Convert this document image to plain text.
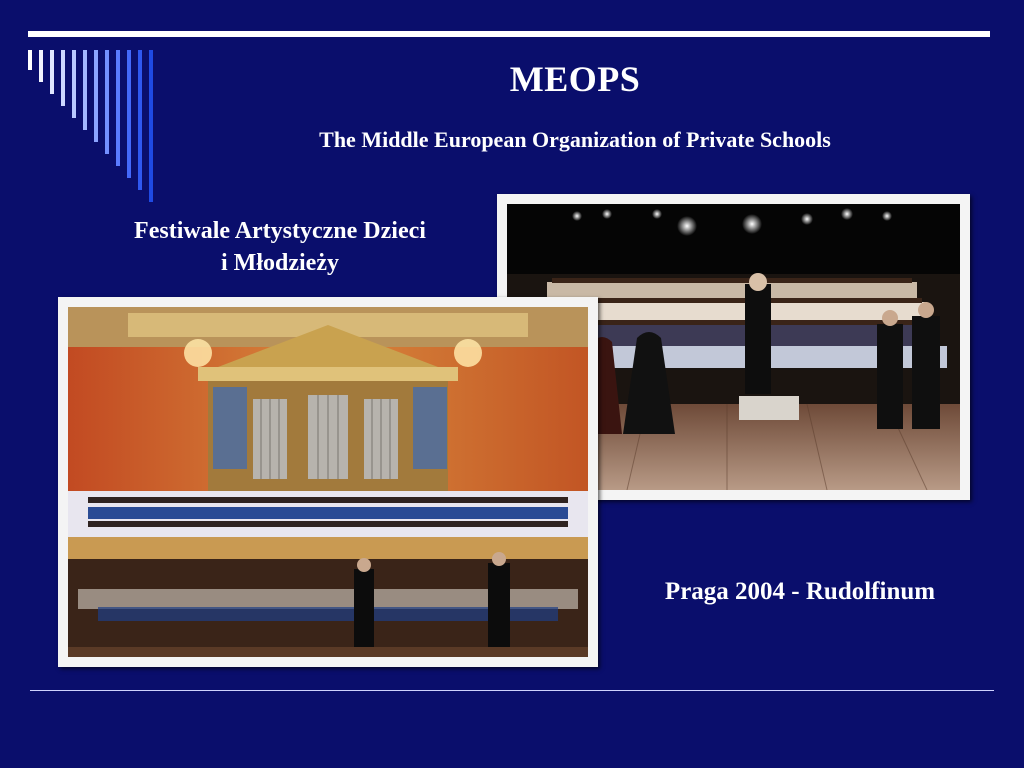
MEOPS
The Middle European Organization of Private Schools
Festiwale Artystyczne Dzieci
i Młodzieży
Praga 2004 - Rudolfinum
